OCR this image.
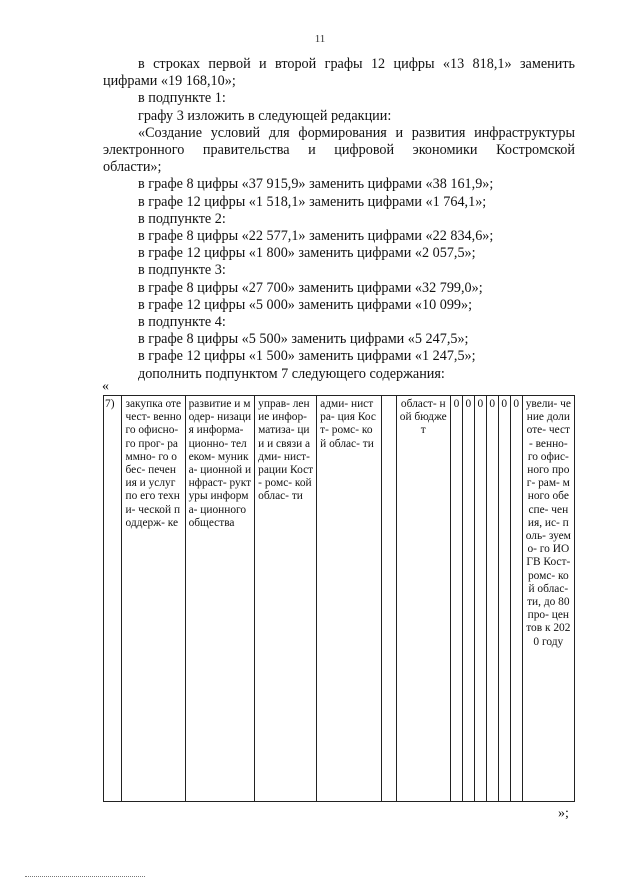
11

в строках первой и второй графы 12 цифры «13 818,1» заменить

цифрами «19 168,10»;

в подпункте 1:

графу 3 изложить в следующей редакции:

«Создание условий для формирования и развития инфраструктуры

электронного правительства и цифровой экономики Костромской

области»;

в графе 8 цифры «37 915,9» заменить цифрами «38 161,9»;

в графе 12 цифры «1 518,1» заменить цифрами «1 764,1»;

в подпункте 2:

в графе 8 цифры «22 577,1» заменить цифрами «22 834,6»;

в графе 12 цифры «1 800» заменить цифрами «2 057,5»;

в подпункте 3:

в графе 8 цифры «27 700» заменить цифрами «32 799,0»;

в графе 12 цифры «5 000» заменить цифрами «10 099»;

в подпункте 4:

в графе 8 цифры «5 500» заменить цифрами «5 247,5»;

в графе 12 цифры «1 500» заменить цифрами «1 247,5»;

дополнить подпунктом 7 следующего содержания:

«
7)	закупка отечест- венного офисно- го прог- раммно- го обес- печения и услуг по его техни- ческой поддерж- ке	развитие и модер- низация информа- ционно- телеком- муника- ционной инфраст- руктуры информа- ционного общества	управ- ление инфор- матиза- ции и связи адми- нист- рации Кост- ромс- кой облас- ти	адми- нистра- ция Кост- ромс- кой облас- ти		област- ной бюджет	0	0	0	0	0	0	увели- чение доли оте- чест- венно- го офис- ного прог- рам- много обеспе- чения, ис- поль- зуемо- го ИОГВ Кост- ромс- кой облас- ти, до 80 про- центов к 2020 году
»;
